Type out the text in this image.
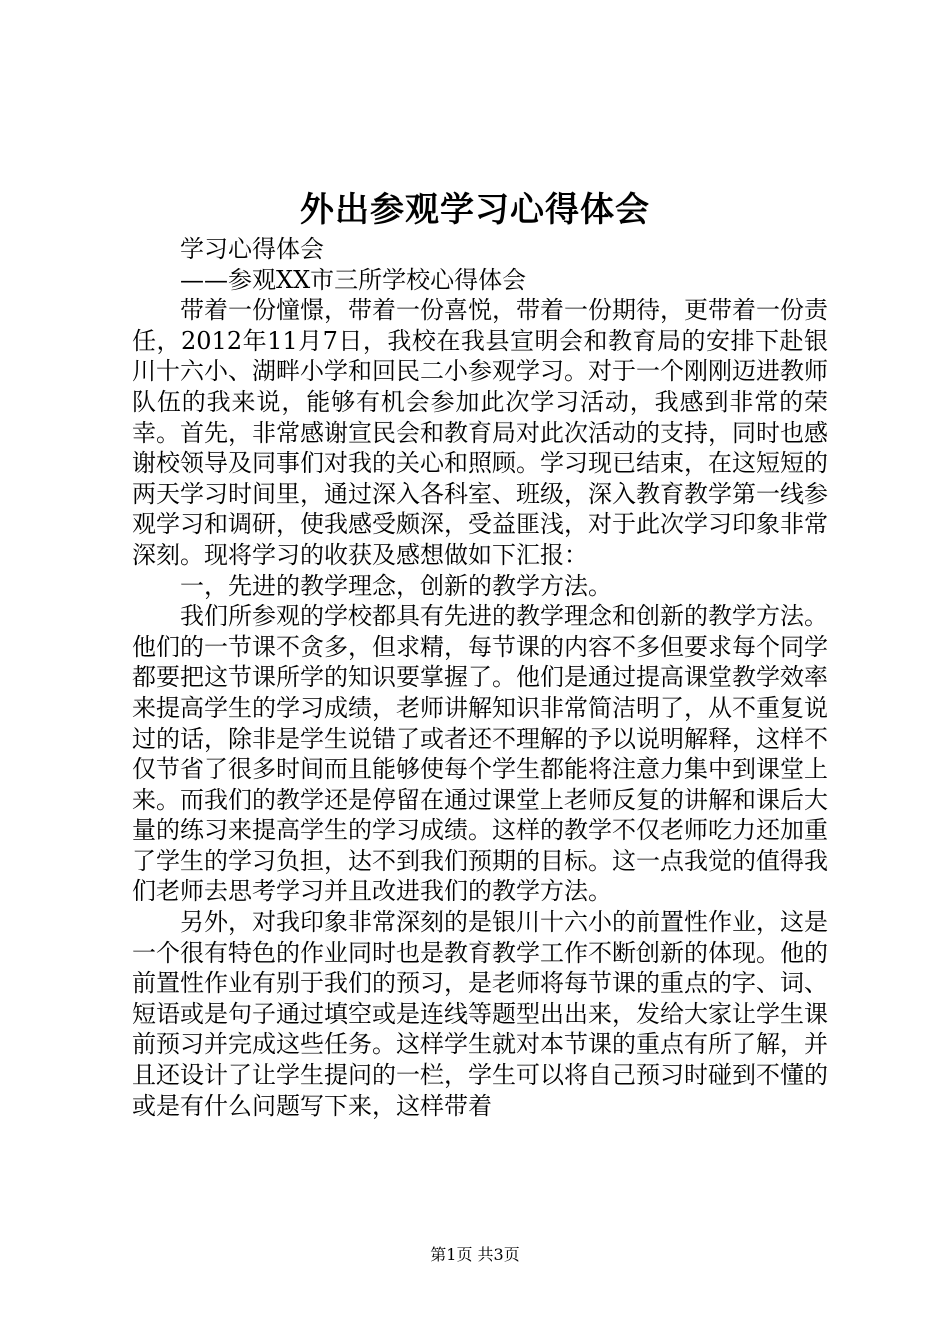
外出参观学习心得体会

学习心得体会

——参观XX市三所学校心得体会

带着一份憧憬，带着一份喜悦，带着一份期待，更带着一份责任，2012年11月7日，我校在我县宣明会和教育局的安排下赴银川十六小、湖畔小学和回民二小参观学习。对于一个刚刚迈进教师队伍的我来说，能够有机会参加此次学习活动，我感到非常的荣幸。首先，非常感谢宣民会和教育局对此次活动的支持，同时也感谢校领导及同事们对我的关心和照顾。学习现已结束，在这短短的两天学习时间里，通过深入各科室、班级，深入教育教学第一线参观学习和调研，使我感受颇深，受益匪浅，对于此次学习印象非常深刻。现将学习的收获及感想做如下汇报：

一，先进的教学理念，创新的教学方法。

我们所参观的学校都具有先进的教学理念和创新的教学方法。他们的一节课不贪多，但求精，每节课的内容不多但要求每个同学都要把这节课所学的知识要掌握了。他们是通过提高课堂教学效率来提高学生的学习成绩，老师讲解知识非常简洁明了，从不重复说过的话，除非是学生说错了或者还不理解的予以说明解释，这样不仅节省了很多时间而且能够使每个学生都能将注意力集中到课堂上来。而我们的教学还是停留在通过课堂上老师反复的讲解和课后大量的练习来提高学生的学习成绩。这样的教学不仅老师吃力还加重了学生的学习负担，达不到我们预期的目标。这一点我觉的值得我们老师去思考学习并且改进我们的教学方法。

另外，对我印象非常深刻的是银川十六小的前置性作业，这是一个很有特色的作业同时也是教育教学工作不断创新的体现。他的前置性作业有别于我们的预习，是老师将每节课的重点的字、词、短语或是句子通过填空或是连线等题型出出来，发给大家让学生课前预习并完成这些任务。这样学生就对本节课的重点有所了解，并且还设计了让学生提问的一栏，学生可以将自己预习时碰到不懂的或是有什么问题写下来，这样带着

第1页 共3页
